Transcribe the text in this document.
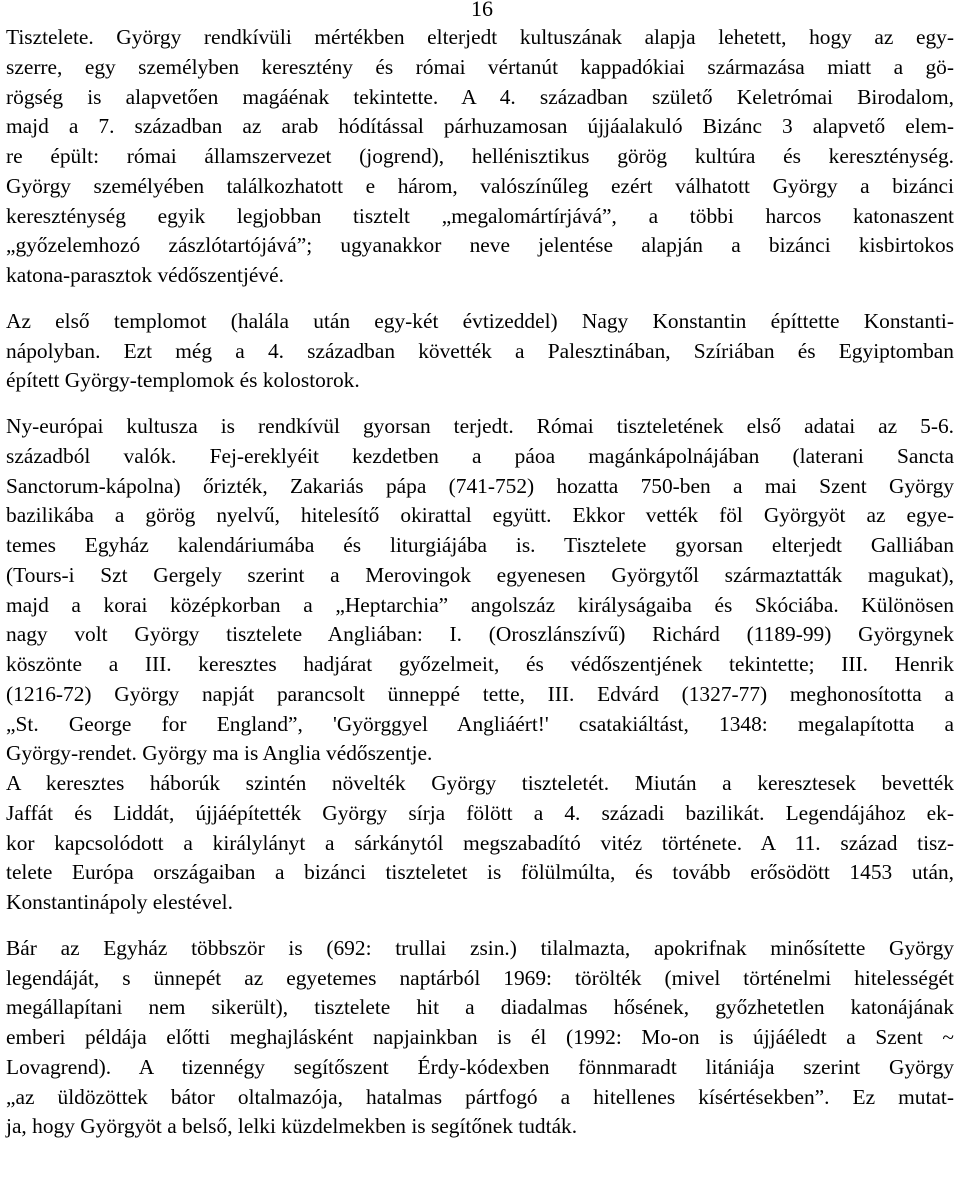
16
Tisztelete. György rendkívüli mértékben elterjedt kultuszának alapja lehetett, hogy az egy-
szerre, egy személyben keresztény és római vértanút kappadókiai származása miatt a gö-
rögség is alapvetően magáénak tekintette. A 4. században születő Keletrómai Birodalom,
majd a 7. században az arab hódítással párhuzamosan újjáalakuló Bizánc 3 alapvető elem-
re épült: római államszervezet (jogrend), hellénisztikus görög kultúra és kereszténység.
György személyében találkozhatott e három, valószínűleg ezért válhatott György a bizánci
kereszténység egyik legjobban tisztelt „megalomártírjává”, a többi harcos katonaszent
„győzelemhozó zászlótartójává”; ugyanakkor neve jelentése alapján a bizánci kisbirtokos
katona-parasztok védőszentjévé.
Az első templomot (halála után egy-két évtizeddel) Nagy Konstantin építtette Konstanti-
nápolyban. Ezt még a 4. században követték a Palesztinában, Szíriában és Egyiptomban
épített György-templomok és kolostorok.
Ny-európai kultusza is rendkívül gyorsan terjedt. Római tiszteletének első adatai az 5-6.
századból valók. Fej-ereklyéit kezdetben a páoa magánkápolnájában (laterani Sancta
Sanctorum-kápolna) őrizték, Zakariás pápa (741-752) hozatta 750-ben a mai Szent György
bazilikába a görög nyelvű, hitelesítő okirattal együtt. Ekkor vették föl Györgyöt az egye-
temes Egyház kalendáriumába és liturgiájába is. Tisztelete gyorsan elterjedt Galliában
(Tours-i Szt Gergely szerint a Merovingok egyenesen Györgytől származtatták magukat),
majd a korai középkorban a „Heptarchia” angolszáz királyságaiba és Skóciába. Különösen
nagy volt György tisztelete Angliában: I. (Oroszlánszívű) Richárd (1189-99) Györgynek
köszönte a III. keresztes hadjárat győzelmeit, és védőszentjének tekintette; III. Henrik
(1216-72) György napját parancsolt ünneppé tette, III. Edvárd (1327-77) meghonosította a
„St. George for England”, 'Györggyel Angliáért!' csatakiáltást, 1348: megalapította a
György-rendet. György ma is Anglia védőszentje.
A keresztes háborúk szintén növelték György tiszteletét. Miután a keresztesek bevették
Jaffát és Liddát, újjáépítették György sírja fölött a 4. századi bazilikát. Legendájához ek-
kor kapcsolódott a királylányt a sárkánytól megszabadító vitéz története. A 11. század tisz-
telete Európa országaiban a bizánci tiszteletet is fölülmúlta, és tovább erősödött 1453 után,
Konstantinápoly elestével.
Bár az Egyház többször is (692: trullai zsin.) tilalmazta, apokrifnak minősítette György
legendáját, s ünnepét az egyetemes naptárból 1969: törölték (mivel történelmi hitelességét
megállapítani nem sikerült), tisztelete hit a diadalmas hősének, győzhetetlen katonájának
emberi példája előtti meghajlásként napjainkban is él (1992: Mo-on is újjáéledt a Szent ~
Lovagrend). A tizennégy segítőszent Érdy-kódexben fönnmaradt litániája szerint György
„az üldözöttek bátor oltalmazója, hatalmas pártfogó a hitellenes kísértésekben”. Ez mutat-
ja, hogy Györgyöt a belső, lelki küzdelmekben is segítőnek tudták.
